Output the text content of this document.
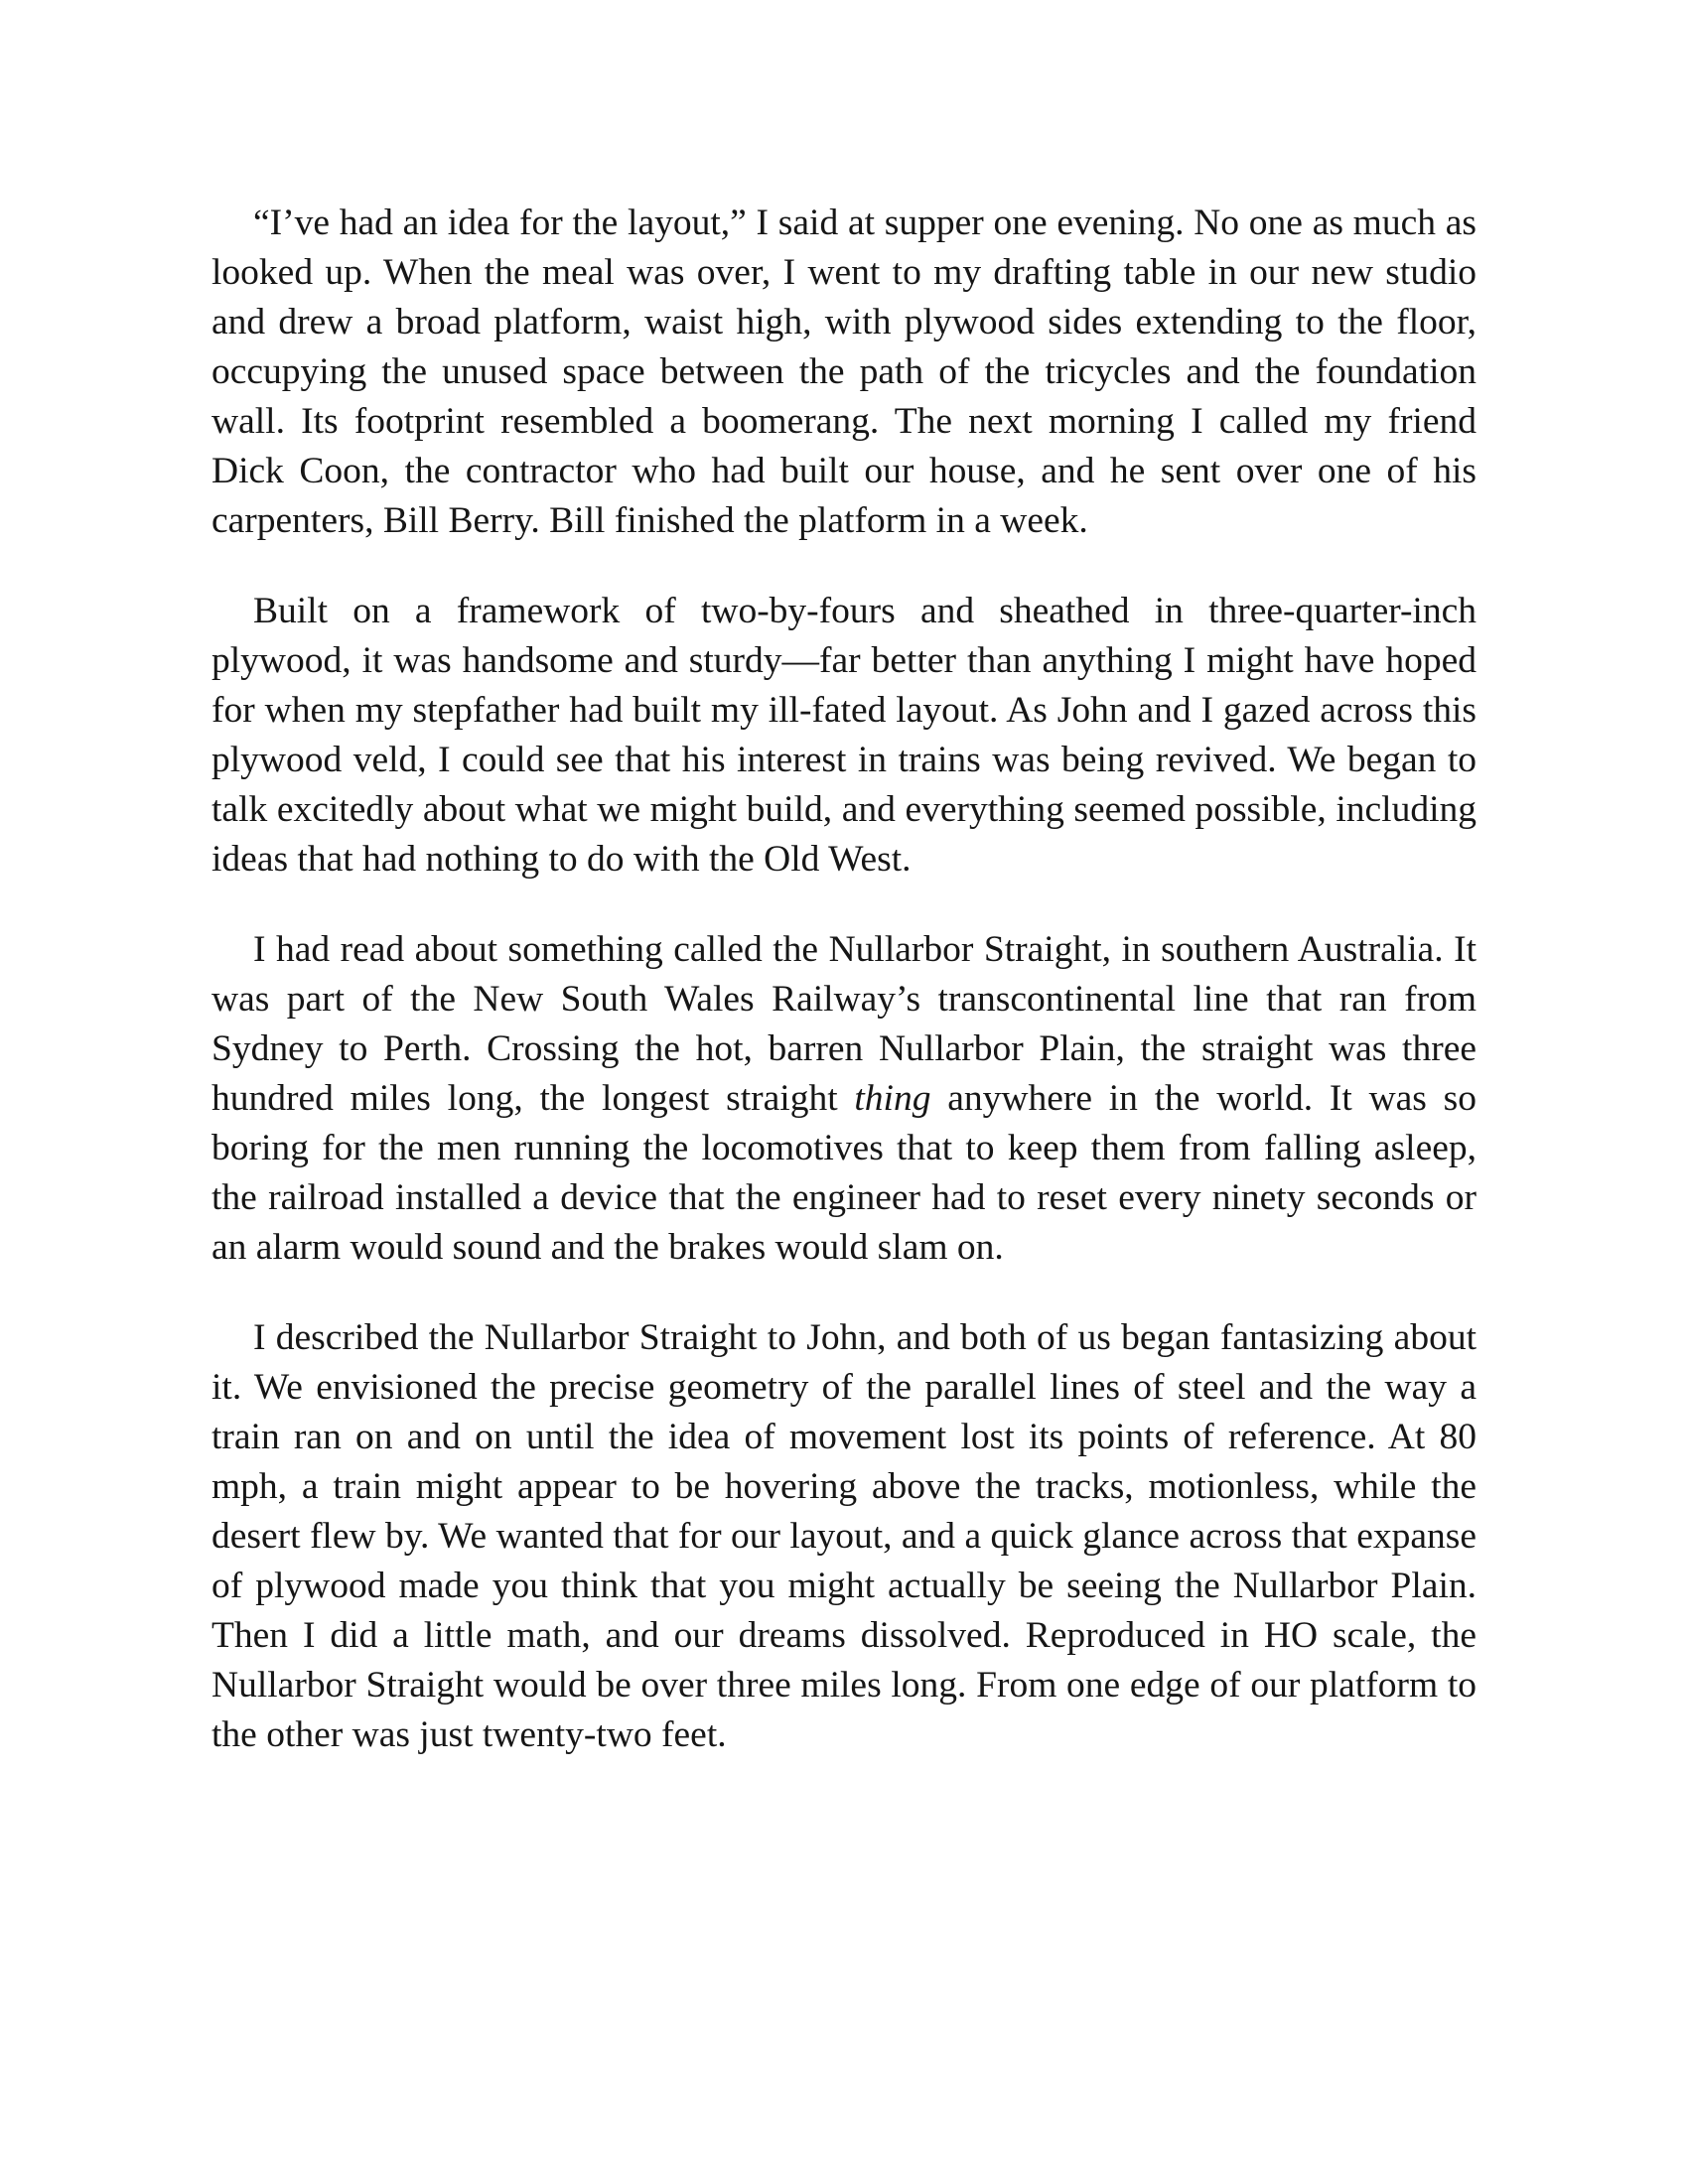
“I’ve had an idea for the layout,” I said at supper one evening. No one as much as looked up. When the meal was over, I went to my drafting table in our new studio and drew a broad platform, waist high, with plywood sides extending to the floor, occupying the unused space between the path of the tricycles and the foundation wall. Its footprint resembled a boomerang. The next morning I called my friend Dick Coon, the contractor who had built our house, and he sent over one of his carpenters, Bill Berry. Bill finished the platform in a week.

Built on a framework of two-by-fours and sheathed in three-quarter-inch plywood, it was handsome and sturdy—far better than anything I might have hoped for when my stepfather had built my ill-fated layout. As John and I gazed across this plywood veld, I could see that his interest in trains was being revived. We began to talk excitedly about what we might build, and everything seemed possible, including ideas that had nothing to do with the Old West.

I had read about something called the Nullarbor Straight, in southern Australia. It was part of the New South Wales Railway’s transcontinental line that ran from Sydney to Perth. Crossing the hot, barren Nullarbor Plain, the straight was three hundred miles long, the longest straight thing anywhere in the world. It was so boring for the men running the locomotives that to keep them from falling asleep, the railroad installed a device that the engineer had to reset every ninety seconds or an alarm would sound and the brakes would slam on.

I described the Nullarbor Straight to John, and both of us began fantasizing about it. We envisioned the precise geometry of the parallel lines of steel and the way a train ran on and on until the idea of movement lost its points of reference. At 80 mph, a train might appear to be hovering above the tracks, motionless, while the desert flew by. We wanted that for our layout, and a quick glance across that expanse of plywood made you think that you might actually be seeing the Nullarbor Plain. Then I did a little math, and our dreams dissolved. Reproduced in HO scale, the Nullarbor Straight would be over three miles long. From one edge of our platform to the other was just twenty-two feet.
